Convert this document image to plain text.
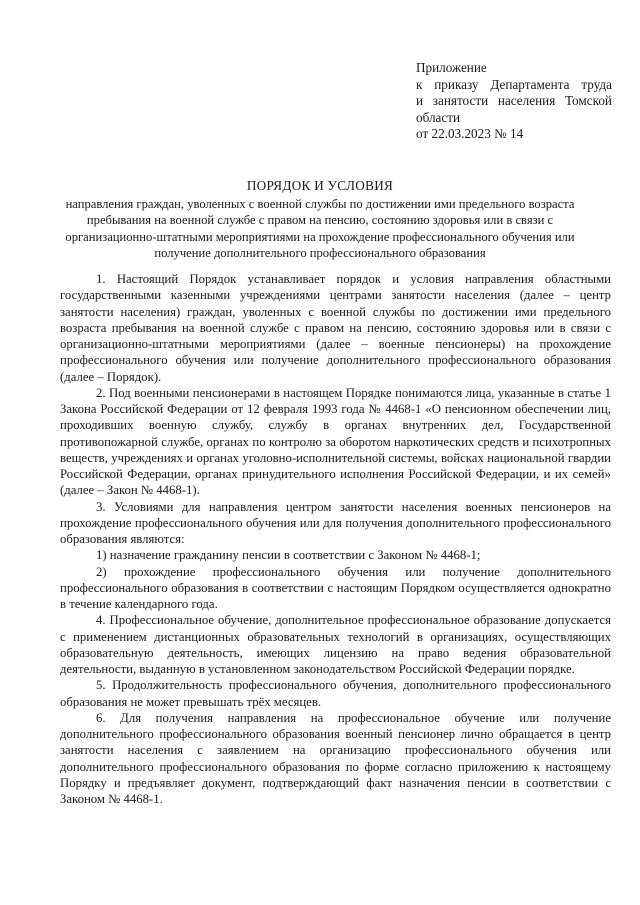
Приложение
к приказу Департамента труда
и занятости населения Томской
области
от 22.03.2023 № 14
ПОРЯДОК И УСЛОВИЯ
направления граждан, уволенных с военной службы по достижении ими предельного возраста пребывания на военной службе с правом на пенсию, состоянию здоровья или в связи с организационно-штатными мероприятиями на прохождение профессионального обучения или получение дополнительного профессионального образования

1. Настоящий Порядок устанавливает порядок и условия направления областными государственными казенными учреждениями центрами занятости населения (далее – центр занятости населения) граждан, уволенных с военной службы по достижении ими предельного возраста пребывания на военной службе с правом на пенсию, состоянию здоровья или в связи с организационно-штатными мероприятиями (далее – военные пенсионеры) на прохождение профессионального обучения или получение дополнительного профессионального образования (далее – Порядок).

2. Под военными пенсионерами в настоящем Порядке понимаются лица, указанные в статье 1 Закона Российской Федерации от 12 февраля 1993 года № 4468-1 «О пенсионном обеспечении лиц, проходивших военную службу, службу в органах внутренних дел, Государственной противопожарной службе, органах по контролю за оборотом наркотических средств и психотропных веществ, учреждениях и органах уголовно-исполнительной системы, войсках национальной гвардии Российской Федерации, органах принудительного исполнения Российской Федерации, и их семей» (далее – Закон № 4468-1).

3. Условиями для направления центром занятости населения военных пенсионеров на прохождение профессионального обучения или для получения дополнительного профессионального образования являются:

1) назначение гражданину пенсии в соответствии с Законом № 4468-1;

2) прохождение профессионального обучения или получение дополнительного профессионального образования в соответствии с настоящим Порядком осуществляется однократно в течение календарного года.

4. Профессиональное обучение, дополнительное профессиональное образование допускается с применением дистанционных образовательных технологий в организациях, осуществляющих образовательную деятельность, имеющих лицензию на право ведения образовательной деятельности, выданную в установленном законодательством Российской Федерации порядке.

5. Продолжительность профессионального обучения, дополнительного профессионального образования не может превышать трёх месяцев.

6. Для получения направления на профессиональное обучение или получение дополнительного профессионального образования военный пенсионер лично обращается в центр занятости населения с заявлением на организацию профессионального обучения или дополнительного профессионального образования по форме согласно приложению к настоящему Порядку и предъявляет документ, подтверждающий факт назначения пенсии в соответствии с Законом № 4468-1.
